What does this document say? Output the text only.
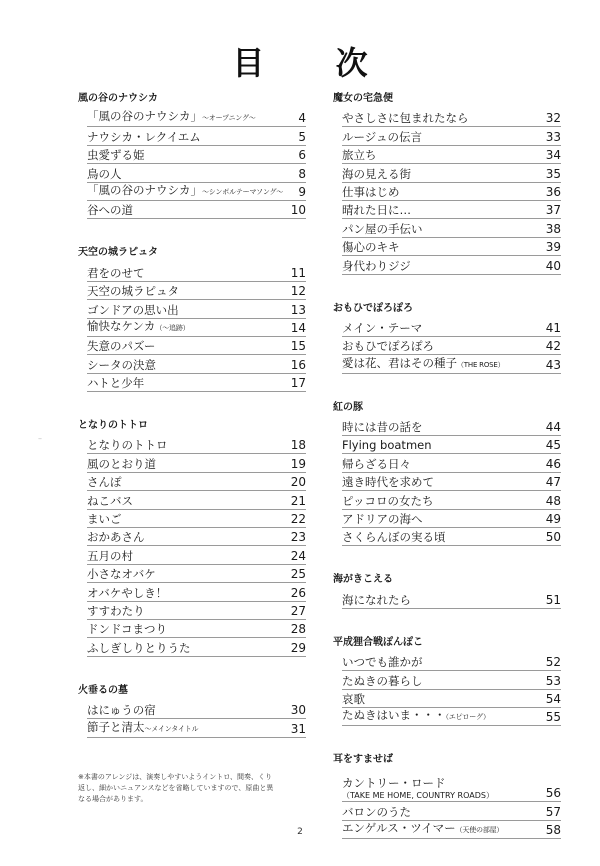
目 次
風の谷のナウシカ
「風の谷のナウシカ」～オープニング～	4
ナウシカ・レクイエム	5
虫愛ずる姫	6
鳥の人	8
「風の谷のナウシカ」～シンボルテーマソング～	9
谷への道	10
天空の城ラピュタ
君をのせて	11
天空の城ラピュタ	12
ゴンドアの思い出	13
愉快なケンカ（～追跡）	14
失意のパズー	15
シータの決意	16
ハトと少年	17
となりのトトロ
となりのトトロ	18
風のとおり道	19
さんぽ	20
ねこバス	21
まいご	22
おかあさん	23
五月の村	24
小さなオバケ	25
オバケやしき！	26
すすわたり	27
ドンドコまつり	28
ふしぎしりとりうた	29
火垂るの墓
はにゅうの宿	30
節子と清太～メインタイトル	31
魔女の宅急便
やさしさに包まれたなら	32
ルージュの伝言	33
旅立ち	34
海の見える街	35
仕事はじめ	36
晴れた日に…	37
パン屋の手伝い	38
傷心のキキ	39
身代わりジジ	40
おもひでぽろぽろ
メイン・テーマ	41
おもひでぽろぽろ	42
愛は花、君はその種子（THE ROSE）	43
紅の豚
時には昔の話を	44
Flying boatmen	45
帰らざる日々	46
遠き時代を求めて	47
ピッコロの女たち	48
アドリアの海へ	49
さくらんぼの実る頃	50
海がきこえる
海になれたら	51
平成狸合戦ぽんぽこ
いつでも誰かが	52
たぬきの暮らし	53
哀歌	54
たぬきはいま・・・（エピローグ）	55
耳をすませば
カントリー・ロード
（TAKE ME HOME, COUNTRY ROADS）	56
バロンのうた	57
エンゲルス・ツイマー（天使の部屋）	58
–
※本書のアレンジは、演奏しやすいようイントロ、間奏、くり返し、細かいニュアンスなどを省略していますので、原曲と異なる場合があります。
2
